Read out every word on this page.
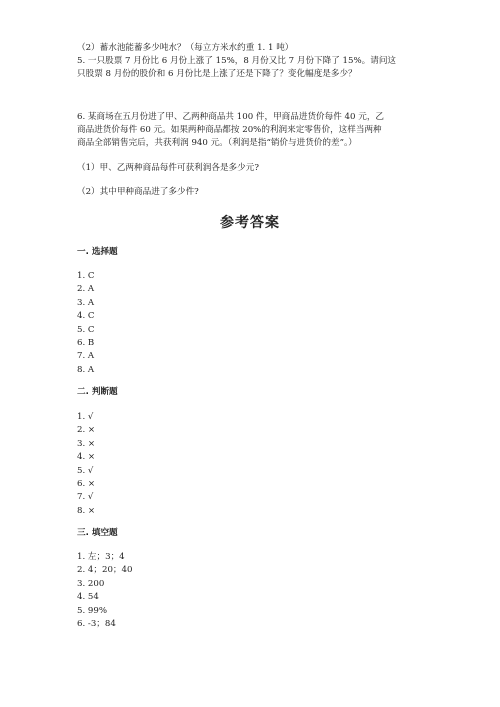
（2）蓄水池能蓄多少吨水？（每立方米水约重 1. 1 吨）
5. 一只股票 7 月份比 6 月份上涨了 15%，8 月份又比 7 月份下降了 15%。请问这
只股票 8 月份的股价和 6 月份比是上涨了还是下降了？变化幅度是多少？
6. 某商场在五月份进了甲、乙两种商品共 100 件，甲商品进货价每件 40 元，乙
商品进货价每件 60 元。如果两种商品都按 20%的利润来定零售价，这样当两种
商品全部销售完后，共获利润 940 元。（利润是指“销价与进货价的差”。）
（1）甲、乙两种商品每件可获利润各是多少元?
（2）其中甲种商品进了多少件?
参考答案
一. 选择题
1. C
2. A
3. A
4. C
5. C
6. B
7. A
8. A
二. 判断题
1. √
2. ×
3. ×
4. ×
5. √
6. ×
7. √
8. ×
三. 填空题
1. 左；3；4
2. 4；20；40
3. 200
4. 54
5. 99%
6. -3；84
